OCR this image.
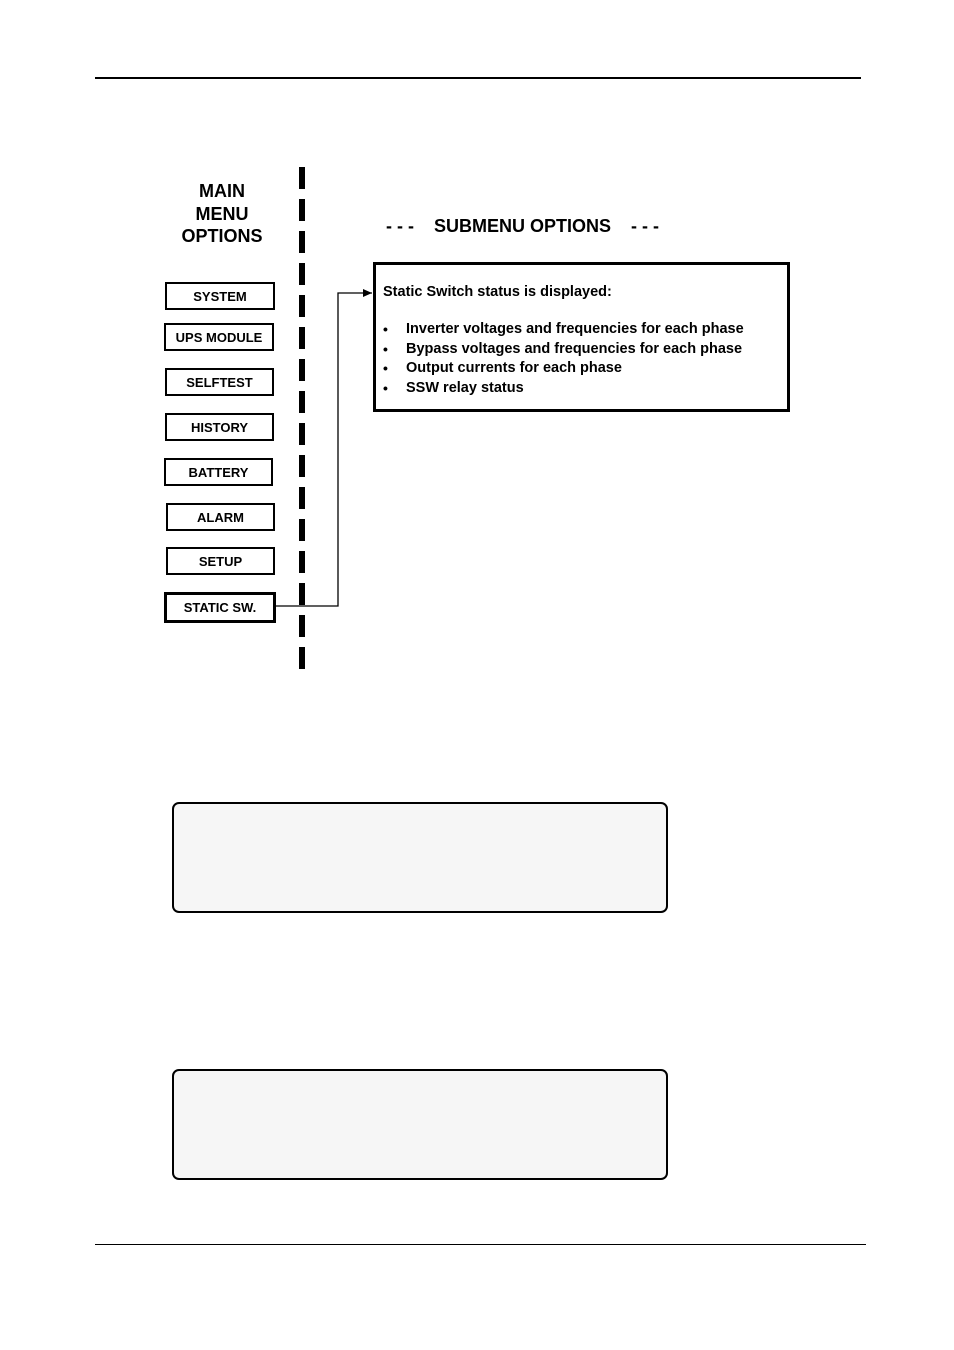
MAIN
MENU
OPTIONS	- - -    SUBMENU OPTIONS    - - -
SYSTEM
UPS MODULE
SELFTEST
HISTORY
BATTERY
ALARM
SETUP
STATIC SW.
Static Switch status is displayed:
• Inverter voltages and frequencies for each phase
• Bypass voltages and frequencies for each phase
• Output currents for each phase
• SSW relay status
